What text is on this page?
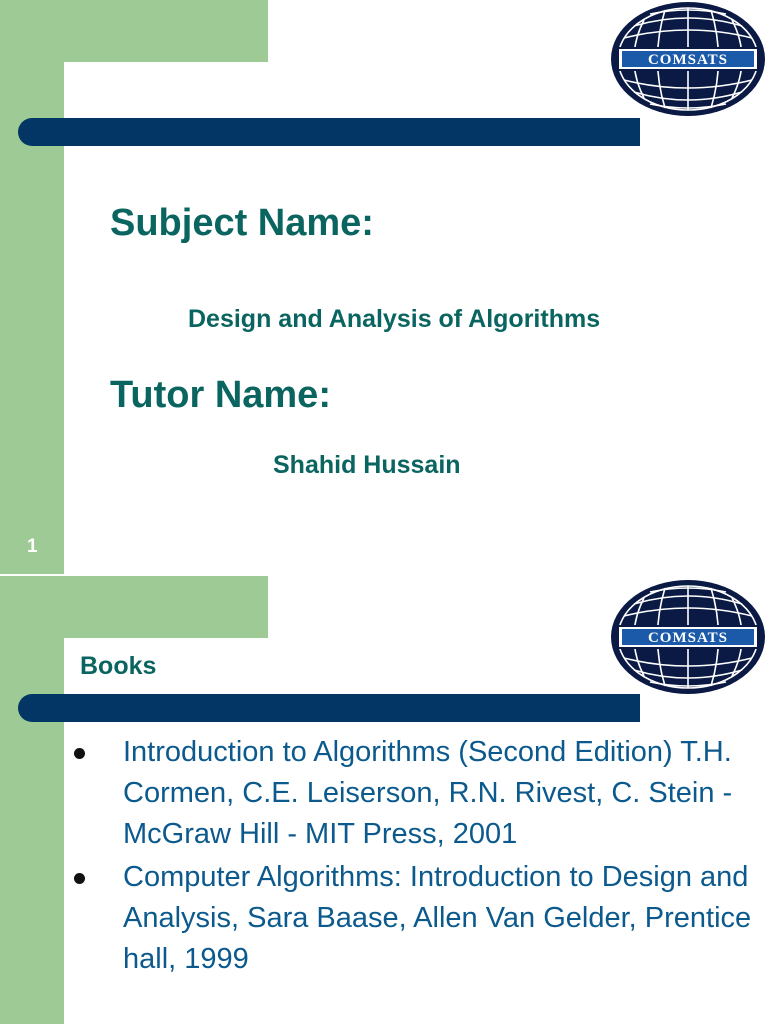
COMSATS
Subject Name:
Design and Analysis of Algorithms
Tutor Name:
Shahid Hussain
1
COMSATS
Books
Introduction to Algorithms (Second Edition) T.H. Cormen, C.E. Leiserson, R.N. Rivest, C. Stein - McGraw Hill - MIT Press, 2001
Computer Algorithms: Introduction to Design and Analysis, Sara Baase, Allen Van Gelder, Prentice hall, 1999
